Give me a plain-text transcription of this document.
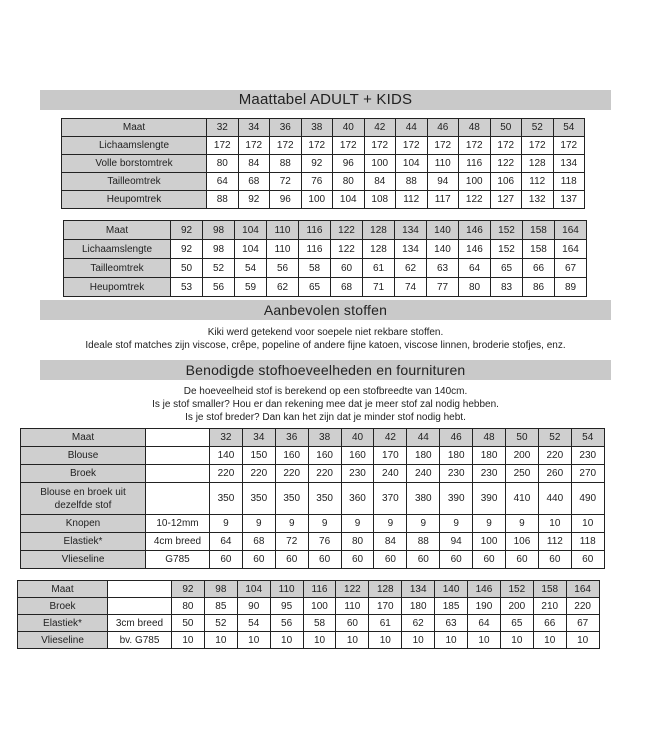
Maattabel ADULT + KIDS
Maat	32	34	36	38	40	42	44	46	48	50	52	54
Lichaamslengte	172	172	172	172	172	172	172	172	172	172	172	172
Volle borstomtrek	80	84	88	92	96	100	104	110	116	122	128	134
Tailleomtrek	64	68	72	76	80	84	88	94	100	106	112	118
Heupomtrek	88	92	96	100	104	108	112	117	122	127	132	137
Maat	92	98	104	110	116	122	128	134	140	146	152	158	164
Lichaamslengte	92	98	104	110	116	122	128	134	140	146	152	158	164
Tailleomtrek	50	52	54	56	58	60	61	62	63	64	65	66	67
Heupomtrek	53	56	59	62	65	68	71	74	77	80	83	86	89
Aanbevolen stoffen
Kiki werd getekend voor soepele niet rekbare stoffen.
Ideale stof matches zijn viscose, crêpe, popeline of andere fijne katoen, viscose linnen, broderie stofjes, enz.
Benodigde stofhoeveelheden en fournituren
De hoeveelheid stof is berekend op een stofbreedte van 140cm.
Is je stof smaller? Hou er dan rekening mee dat je meer stof zal nodig hebben.
Is je stof breder? Dan kan het zijn dat je minder stof nodig hebt.
Maat		32	34	36	38	40	42	44	46	48	50	52	54
Blouse		140	150	160	160	160	170	180	180	180	200	220	230
Broek		220	220	220	220	230	240	240	230	230	250	260	270
Blouse en broek uit dezelfde stof		350	350	350	350	360	370	380	390	390	410	440	490
Knopen	10-12mm	9	9	9	9	9	9	9	9	9	9	10	10
Elastiek*	4cm breed	64	68	72	76	80	84	88	94	100	106	112	118
Vlieseline	G785	60	60	60	60	60	60	60	60	60	60	60	60
Maat		92	98	104	110	116	122	128	134	140	146	152	158	164
Broek		80	85	90	95	100	110	170	180	185	190	200	210	220
Elastiek*	3cm breed	50	52	54	56	58	60	61	62	63	64	65	66	67
Vlieseline	bv. G785	10	10	10	10	10	10	10	10	10	10	10	10	10
